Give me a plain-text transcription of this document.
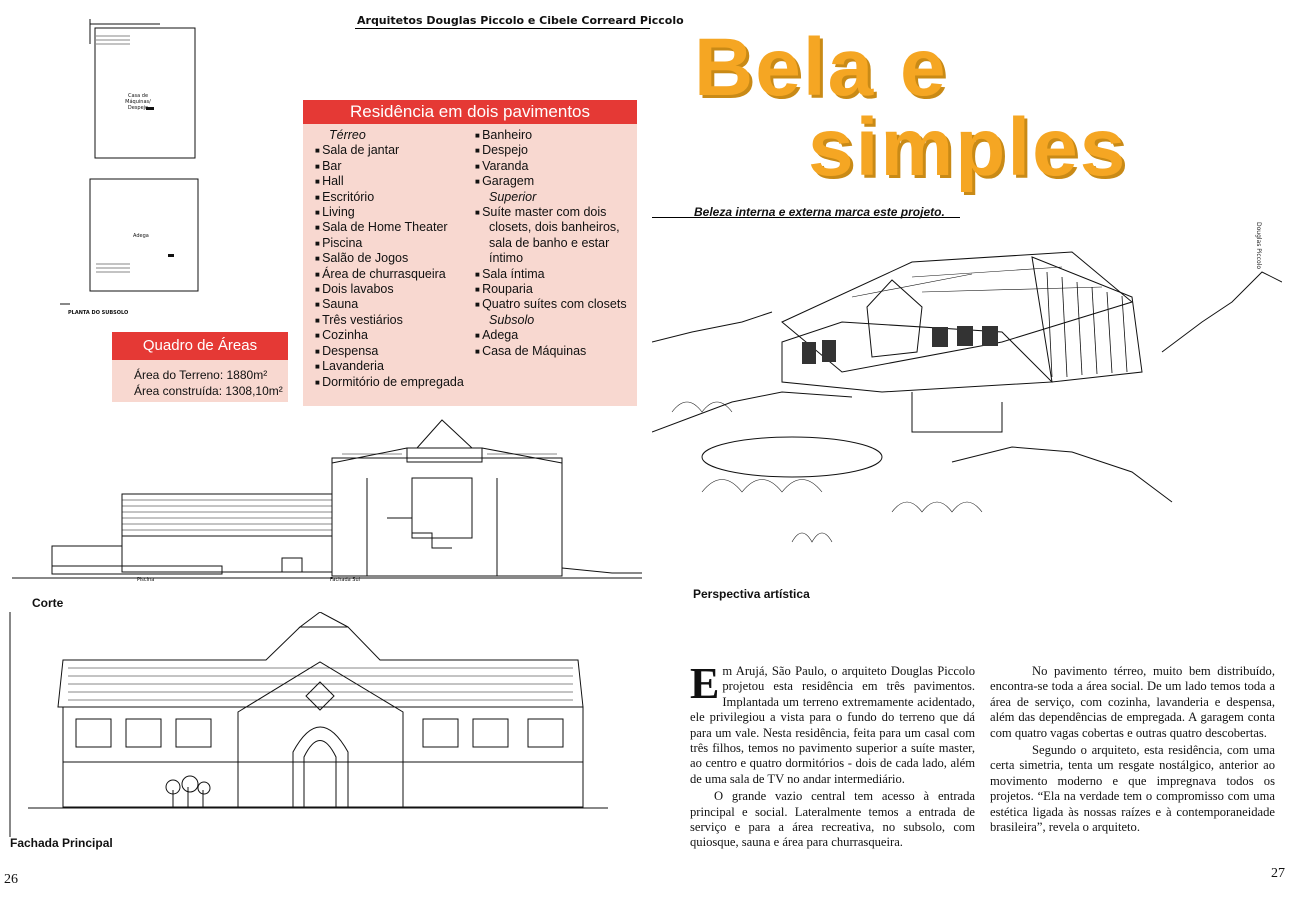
Arquitetos Douglas Piccolo e Cibele Correard Piccolo
Bela e
simples
Beleza interna e externa marca este projeto.
Casa de Máquinas/ Despejo
Adega
PLANTA DO SUBSOLO
Residência em dois pavimentos
Térreo
■ Sala de jantar
■ Bar
■ Hall
■ Escritório
■ Living
■ Sala de Home Theater
■ Piscina
■ Salão de Jogos
■ Área de churrasqueira
■ Dois lavabos
■ Sauna
■ Três vestiários
■ Cozinha
■ Despensa
■ Lavanderia
■ Dormitório de empregada
■ Banheiro
■ Despejo
■ Varanda
■ Garagem
Superior
■ Suíte master com dois
closets, dois banheiros,
sala de banho e estar
íntimo
■ Sala íntima
■ Rouparia
■ Quatro suítes com closets
Subsolo
■ Adega
■ Casa de Máquinas
Quadro de Áreas
Área do Terreno: 1880m²
Área construída: 1308,10m²
Piscina	Fachada Sul
Corte
Fachada Principal
Douglas Piccolo
Perspectiva artística

Em Arujá, São Paulo, o arquiteto Douglas Piccolo projetou esta residência em três pavimentos. Implantada um terreno extremamente acidentado, ele privilegiou a vista para o fundo do terreno que dá para um vale. Nesta residência, feita para um casal com três filhos, temos no pavimento superior a suíte master, ao centro e quatro dormitórios - dois de cada lado, além de uma sala de TV no andar intermediário.

O grande vazio central tem acesso à entrada principal e social. Lateralmente temos a entrada de serviço e para a área recreativa, no subsolo, com quiosque, sauna e área para churrasqueira.

No pavimento térreo, muito bem distribuído, encontra-se toda a área social. De um lado temos toda a área de serviço, com cozinha, lavanderia e despensa, além das dependências de empregada. A garagem conta com quatro vagas cobertas e outras quatro descobertas.

Segundo o arquiteto, esta residência, com uma certa simetria, tenta um resgate nostálgico, anterior ao movimento moderno e que impregnava todos os projetos. “Ela na verdade tem o compromisso com uma estética ligada às nossas raízes e à contemporaneidade brasileira”, revela o arquiteto.

26	27
